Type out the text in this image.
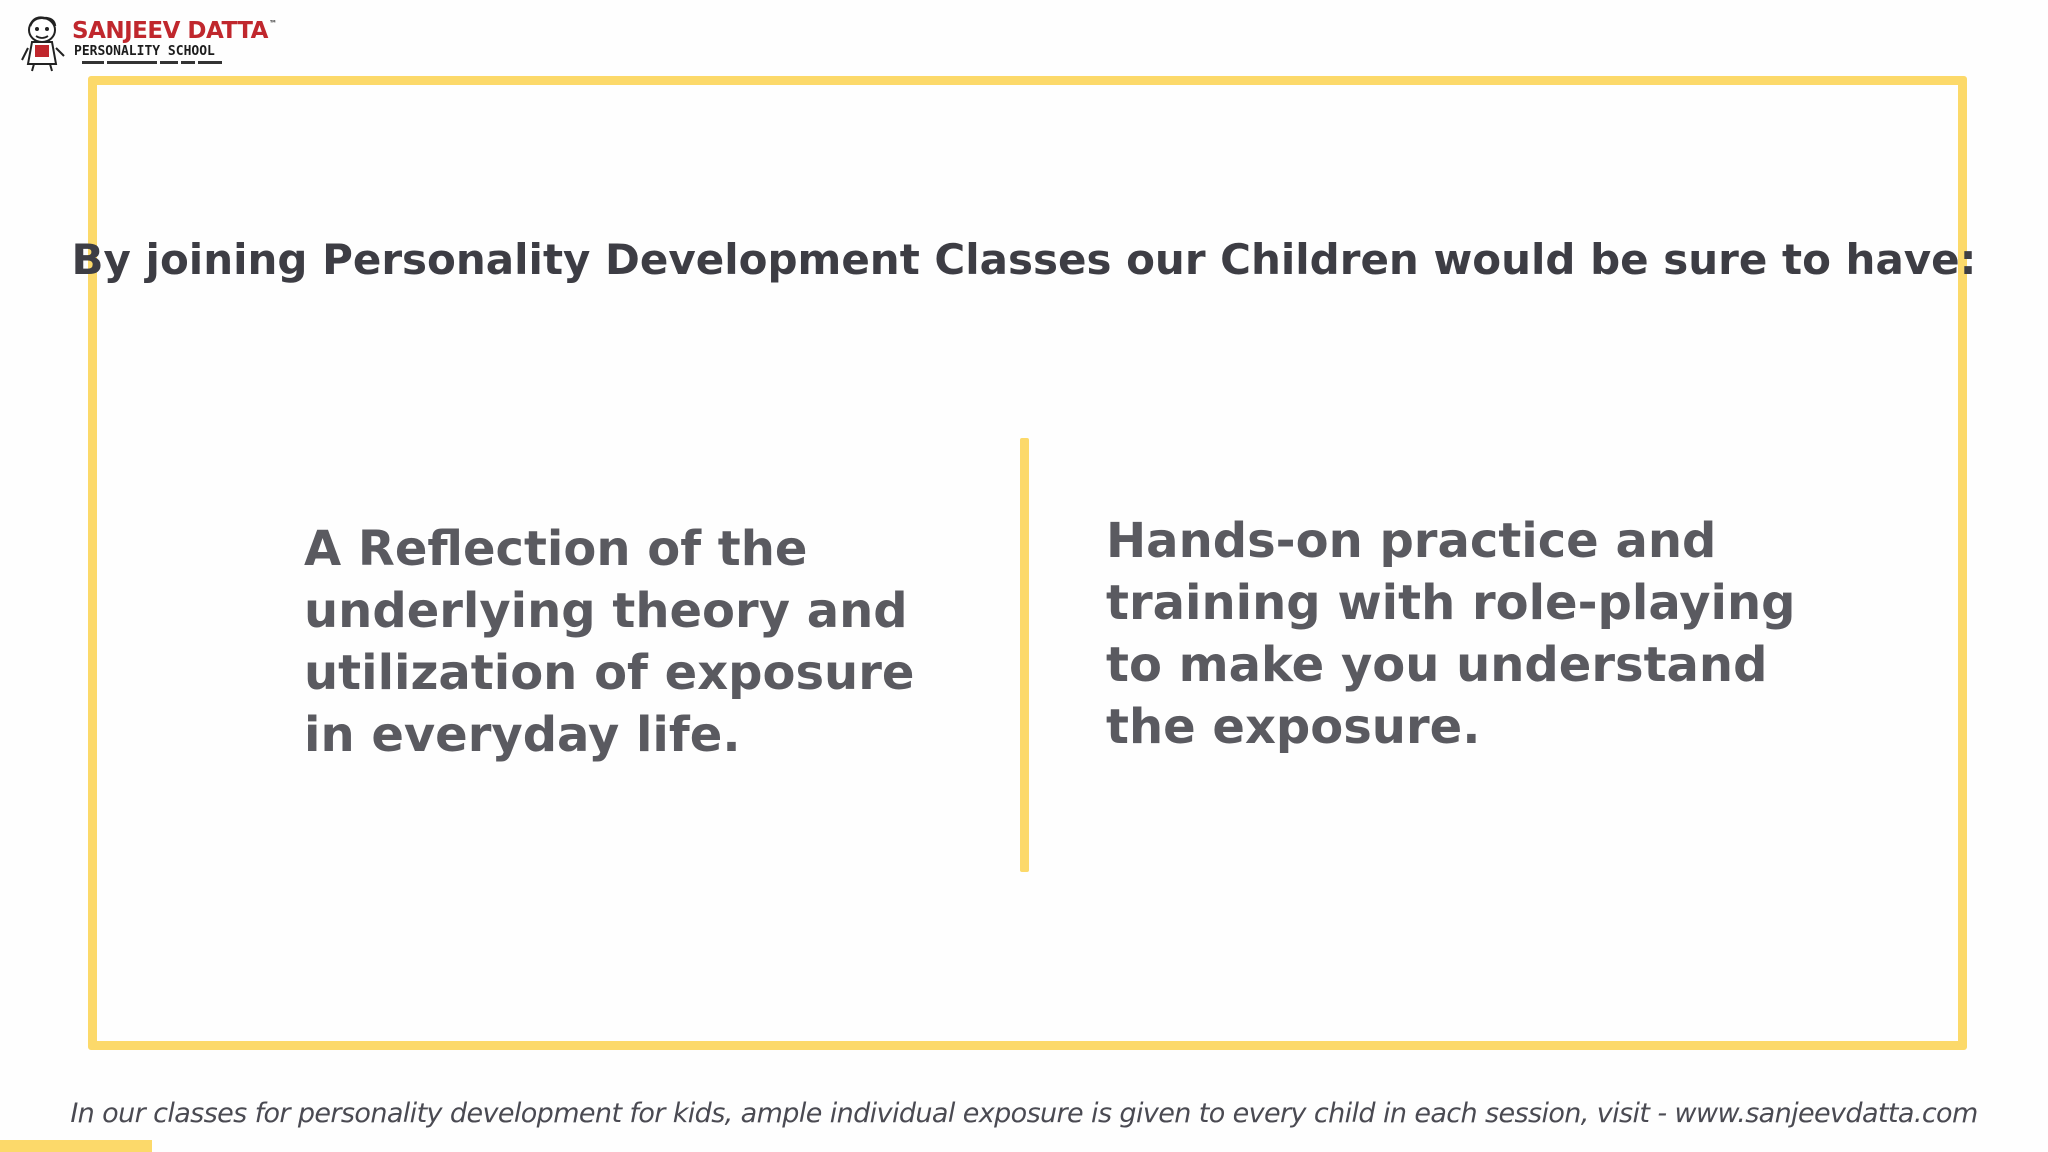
SANJEEV DATTA™
PERSONALITY SCHOOL
By joining Personality Development Classes our Children would be sure to have:
A Reflection of the underlying theory and utilization of exposure in everyday life.
Hands-on practice and training with role-playing to make you understand the exposure.
In our classes for personality development for kids, ample individual exposure is given to every child in each session, visit - www.sanjeevdatta.com
